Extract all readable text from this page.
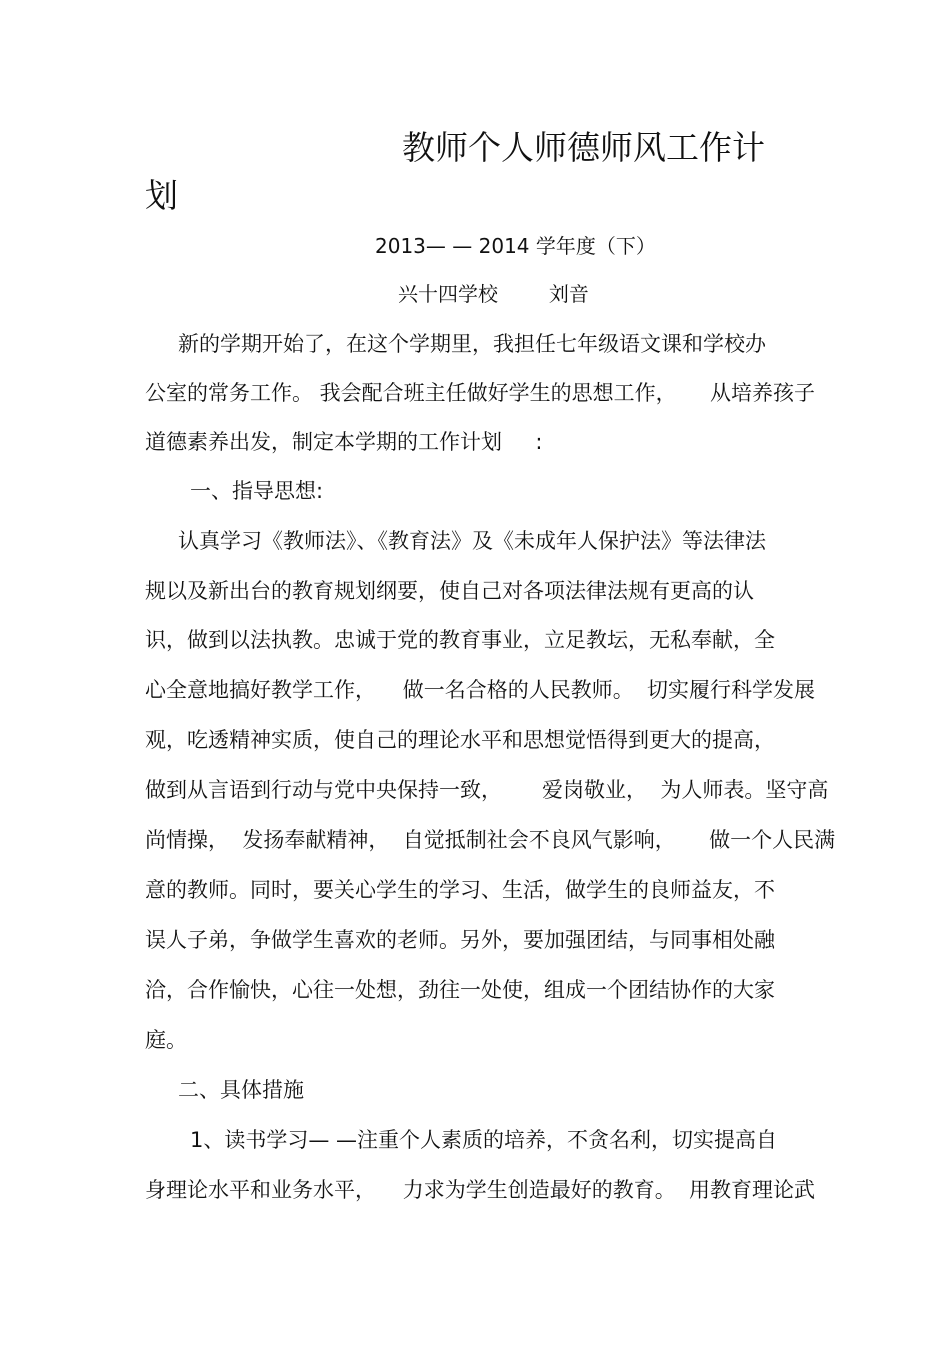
教师个人师德师风工作计
划
2013— — 2014 学年度（下）
兴十四学校        刘音
新的学期开始了，在这个学期里，我担任七年级语文课和学校办
公室的常务工作。 我会配合班主任做好学生的思想工作，     从培养孩子
道德素养出发，制定本学期的工作计划     :
一、指导思想:
认真学习《教师法》、《教育法》及《未成年人保护法》等法律法
规以及新出台的教育规划纲要，使自己对各项法律法规有更高的认
识，做到以法执教。忠诚于党的教育事业，立足教坛，无私奉献，全
心全意地搞好教学工作，    做一名合格的人民教师。  切实履行科学发展
观，吃透精神实质，使自己的理论水平和思想觉悟得到更大的提高，
做到从言语到行动与党中央保持一致，      爱岗敬业，  为人师表。坚守高
尚情操，  发扬奉献精神，  自觉抵制社会不良风气影响，     做一个人民满
意的教师。同时，要关心学生的学习、生活，做学生的良师益友，不
误人子弟，争做学生喜欢的老师。另外，要加强团结，与同事相处融
洽，合作愉快，心往一处想，劲往一处使，组成一个团结协作的大家
庭。
二、具体措施
1、读书学习— —注重个人素质的培养，不贪名利，切实提高自
身理论水平和业务水平，    力求为学生创造最好的教育。  用教育理论武
